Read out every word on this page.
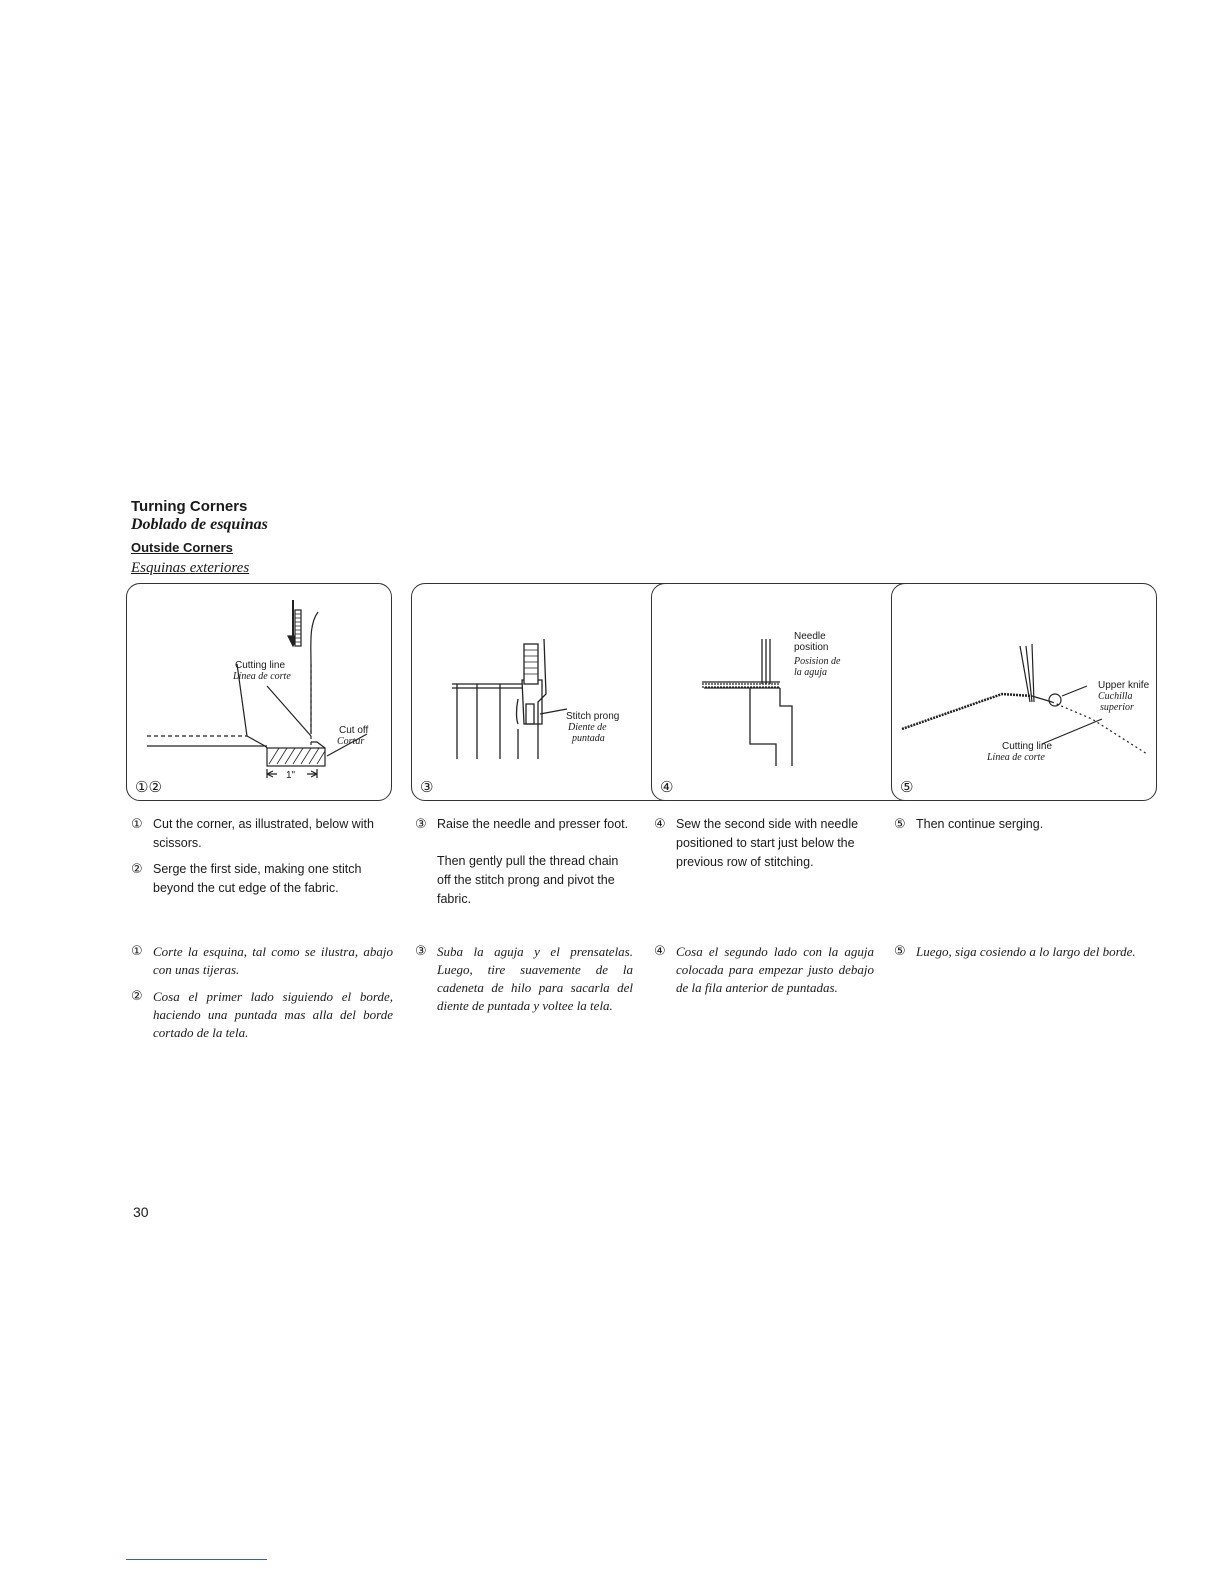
Turning Corners
Doblado de esquinas
Outside Corners
Esquinas exteriores
Cutting line
Línea de corte
Cut off
Cortar
1"
①②
Stitch prong
Diente de
puntada
③
Needle
position
Posision de
la aguja
④
Upper knife
Cuchilla
superior
Cutting line
Línea de corte
⑤
① Cut the corner, as illustrated, below with scissors.
② Serge the first side, making one stitch beyond the cut edge of the fabric.
③ Raise the needle and presser foot.
Then gently pull the thread chain off the stitch prong and pivot the fabric.
④ Sew the second side with needle positioned to start just below the previous row of stitching.
⑤ Then continue serging.
① Corte la esquina, tal como se ilustra, abajo con unas tijeras.
② Cosa el primer lado siguiendo el borde, haciendo una puntada mas alla del borde cortado de la tela.
③ Suba la aguja y el prensatelas. Luego, tire suavemente de la cadeneta de hilo para sacarla del diente de puntada y voltee la tela.
④ Cosa el segundo lado con la aguja colocada para empezar justo debajo de la fila anterior de puntadas.
⑤ Luego, siga cosiendo a lo largo del borde.
30
